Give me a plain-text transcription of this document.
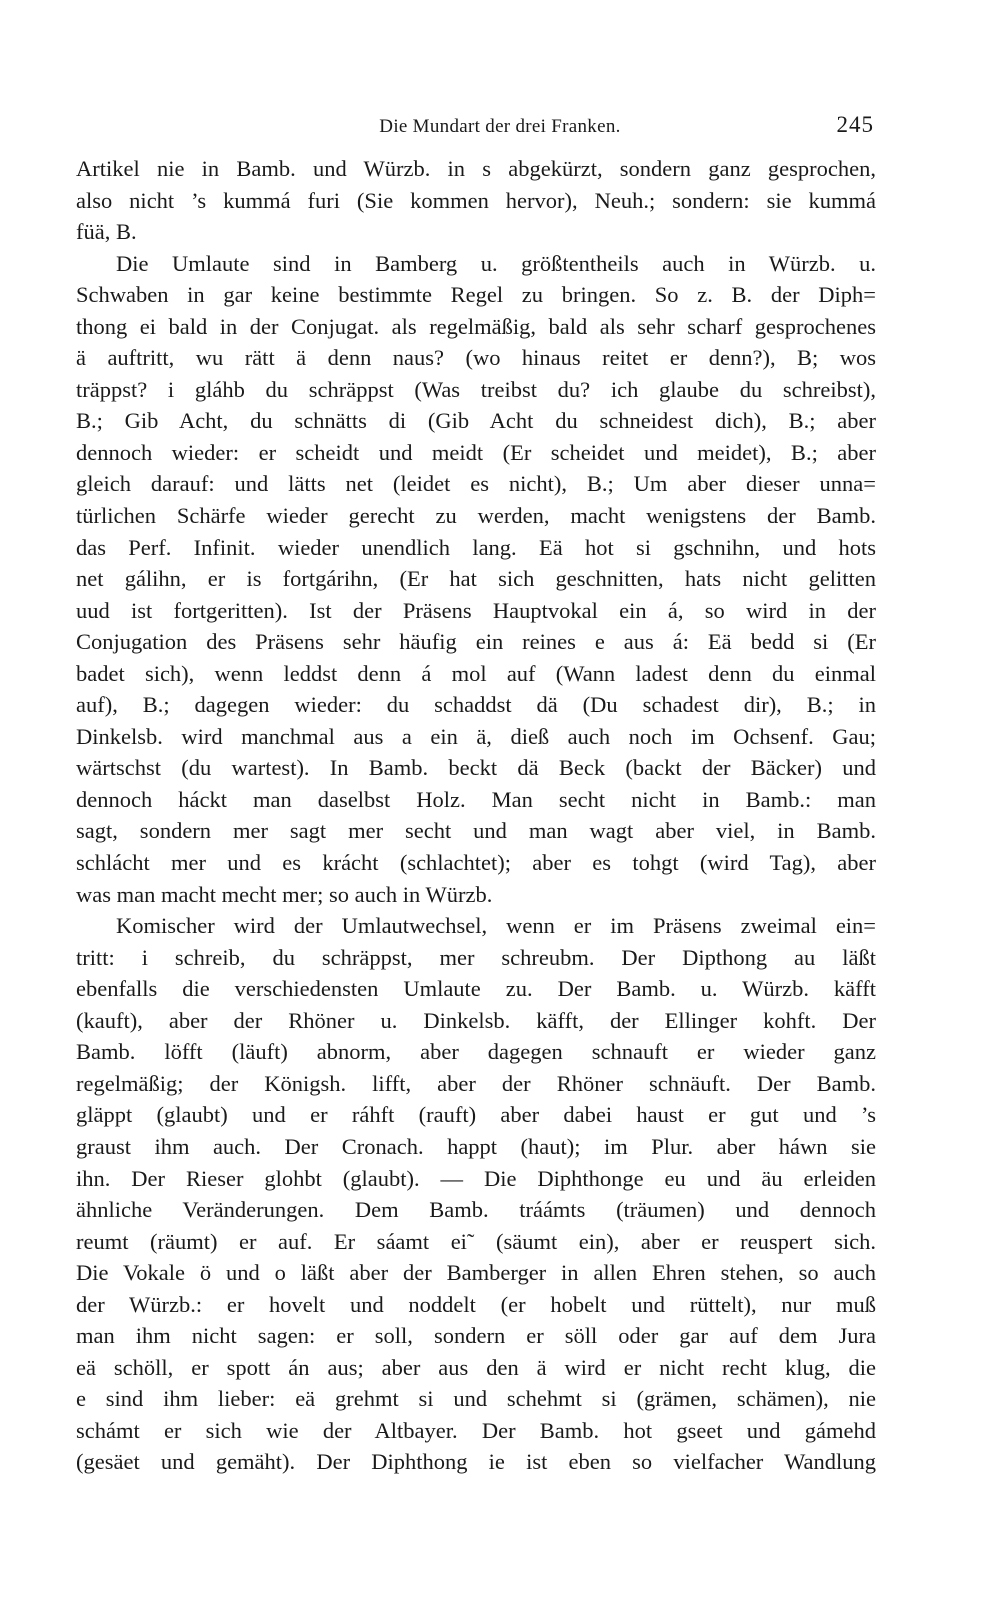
Die Mundart der drei Franken.	245
Artikel nie in Bamb. und Würzb. in s abgekürzt, sondern ganz gesprochen,
also nicht ’s kummá furi (Sie kommen hervor), Neuh.; sondern: sie kummá
füä, B.
Die Umlaute sind in Bamberg u. größtentheils auch in Würzb. u.
Schwaben in gar keine bestimmte Regel zu bringen. So z. B. der Diph=
thong ei bald in der Conjugat. als regelmäßig, bald als sehr scharf gesprochenes
ä auftritt, wu rätt ä denn naus? (wo hinaus reitet er denn?), B; wos
träppst? i gláhb du schräppst (Was treibst du? ich glaube du schreibst),
B.; Gib Acht, du schnätts di (Gib Acht du schneidest dich), B.; aber
dennoch wieder: er scheidt und meidt (Er scheidet und meidet), B.; aber
gleich darauf: und lätts net (leidet es nicht), B.; Um aber dieser unna=
türlichen Schärfe wieder gerecht zu werden, macht wenigstens der Bamb.
das Perf. Infinit. wieder unendlich lang. Eä hot si gschnihn, und hots
net gálihn, er is fortgárihn, (Er hat sich geschnitten, hats nicht gelitten
uud ist fortgeritten). Ist der Präsens Hauptvokal ein á, so wird in der
Conjugation des Präsens sehr häufig ein reines e aus á: Eä bedd si (Er
badet sich), wenn leddst denn á mol auf (Wann ladest denn du einmal
auf), B.; dagegen wieder: du schaddst dä (Du schadest dir), B.; in
Dinkelsb. wird manchmal aus a ein ä, dieß auch noch im Ochsenf. Gau;
wärtschst (du wartest). In Bamb. beckt dä Beck (backt der Bäcker) und
dennoch háckt man daselbst Holz. Man secht nicht in Bamb.: man
sagt, sondern mer sagt mer secht und man wagt aber viel, in Bamb.
schlácht mer und es krácht (schlachtet); aber es tohgt (wird Tag), aber
was man macht mecht mer; so auch in Würzb.
Komischer wird der Umlautwechsel, wenn er im Präsens zweimal ein=
tritt: i schreib, du schräppst, mer schreubm. Der Dipthong au läßt
ebenfalls die verschiedensten Umlaute zu. Der Bamb. u. Würzb. käfft
(kauft), aber der Rhöner u. Dinkelsb. käfft, der Ellinger kohft. Der
Bamb. löfft (läuft) abnorm, aber dagegen schnauft er wieder ganz
regelmäßig; der Königsh. lifft, aber der Rhöner schnäuft. Der Bamb.
gläppt (glaubt) und er ráhft (rauft) aber dabei haust er gut und ’s
graust ihm auch. Der Cronach. happt (haut); im Plur. aber háwn sie
ihn. Der Rieser glohbt (glaubt). — Die Diphthonge eu und äu erleiden
ähnliche Veränderungen. Dem Bamb. tráámts (träumen) und dennoch
reumt (räumt) er auf. Er sáamt ei˜ (säumt ein), aber er reuspert sich.
Die Vokale ö und o läßt aber der Bamberger in allen Ehren stehen, so auch
der Würzb.: er hovelt und noddelt (er hobelt und rüttelt), nur muß
man ihm nicht sagen: er soll, sondern er söll oder gar auf dem Jura
eä schöll, er spott án aus; aber aus den ä wird er nicht recht klug, die
e sind ihm lieber: eä grehmt si und schehmt si (grämen, schämen), nie
schámt er sich wie der Altbayer. Der Bamb. hot gseet und gámehd
(gesäet und gemäht). Der Diphthong ie ist eben so vielfacher Wandlung
